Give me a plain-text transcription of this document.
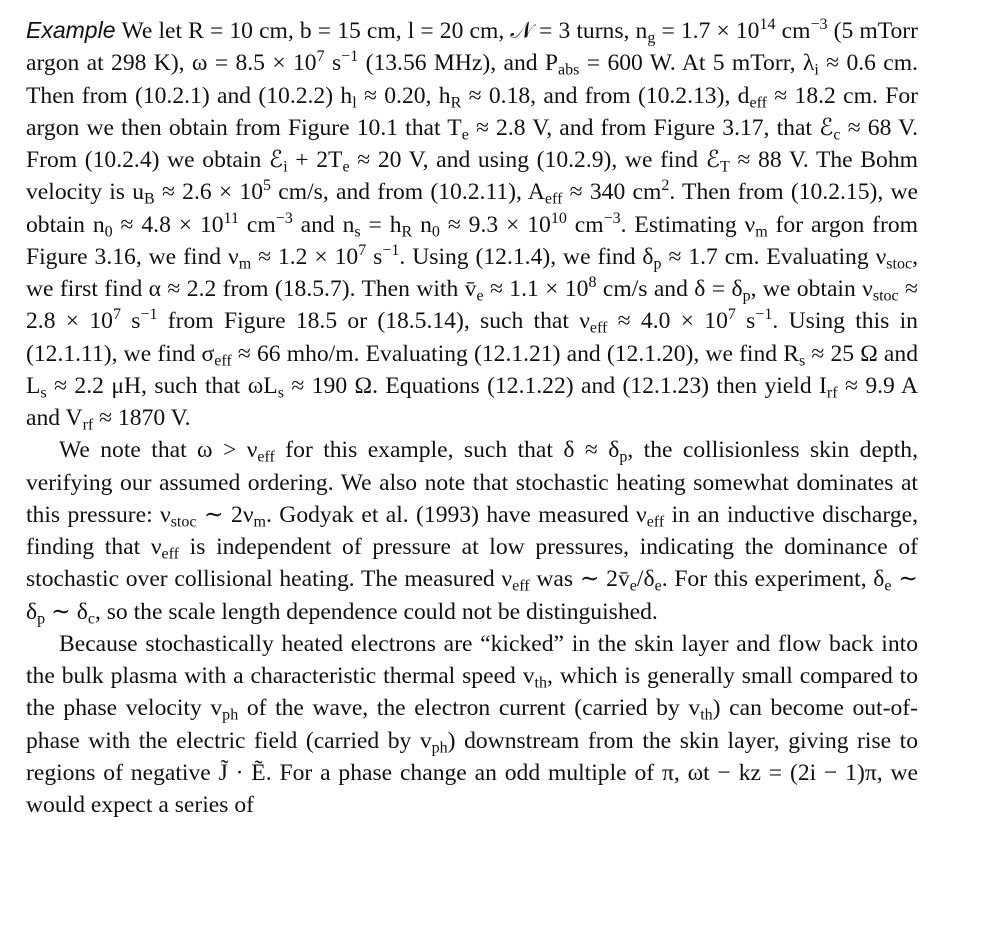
Example We let R = 10 cm, b = 15 cm, l = 20 cm, 𝒩 = 3 turns, $n_g = 1.7 \times 10^{14}$ $cm^{-3}$ (5 mTorr argon at 298 K), $\omega = 8.5 \times 10^7$ $s^{-1}$ (13.56 MHz), and $P_{abs} = 600$ W. At 5 mTorr, $\lambda_i \approx 0.6$ cm. Then from (10.2.1) and (10.2.2) $h_l \approx 0.20$, $h_R \approx 0.18$, and from (10.2.13), $d_{eff} \approx 18.2$ cm. For argon we then obtain from Figure 10.1 that $T_e \approx 2.8$ V, and from Figure 3.17, that ℰ$_c$ ≈ 68 V. From (10.2.4) we obtain ℰ$_i$ + $2T_e \approx 20$ V, and using (10.2.9), we find ℰ$_T$ ≈ 88 V. The Bohm velocity is $u_B \approx 2.6 \times 10^5$ cm/s, and from (10.2.11), $A_{eff} \approx 340$ $cm^2$. Then from (10.2.15), we obtain $n_0 \approx 4.8 \times 10^{11}$ $cm^{-3}$ and $n_s = h_R$ $n_0 \approx 9.3 \times 10^{10}$ $cm^{-3}$. Estimating $\nu_m$ for argon from Figure 3.16, we find $\nu_m \approx 1.2 \times 10^7$ $s^{-1}$. Using (12.1.4), we find $\delta_p \approx 1.7$ cm. Evaluating $\nu_{stoc}$, we first find α ≈ 2.2 from (18.5.7). Then with $v̄_e \approx 1.1 \times 10^8$ cm/s and $\delta = \delta_p$, we obtain $\nu_{stoc} \approx 2.8 \times 10^7$ $s^{-1}$ from Figure 18.5 or (18.5.14), such that $\nu_{eff} \approx 4.0 \times 10^7$ $s^{-1}$. Using this in (12.1.11), we find $\sigma_{eff} \approx 66$ mho/m. Evaluating (12.1.21) and (12.1.20), we find $R_s \approx 25$ Ω and $L_s \approx 2.2$ μH, such that $\omega L_s \approx 190$ Ω. Equations (12.1.22) and (12.1.23) then yield $I_{rf} \approx 9.9$ A and $V_{rf} \approx 1870$ V.

We note that $\omega > \nu_{eff}$ for this example, such that $\delta \approx \delta_p$, the collisionless skin depth, verifying our assumed ordering. We also note that stochastic heating somewhat dominates at this pressure: $\nu_{stoc}$ ∼ $2\nu_m$. Godyak et al. (1993) have measured $\nu_{eff}$ in an inductive discharge, finding that $\nu_{eff}$ is independent of pressure at low pressures, indicating the dominance of stochastic over collisional heating. The measured $\nu_{eff}$ was ∼ $2v̄_e/\delta_e$. For this experiment, $\delta_e$ ∼ $\delta_p$ ∼ $\delta_c$, so the scale length dependence could not be distinguished.

Because stochastically heated electrons are “kicked” in the skin layer and flow back into the bulk plasma with a characteristic thermal speed $v_{th}$, which is generally small compared to the phase velocity $v_{ph}$ of the wave, the electron current (carried by $v_{th}$) can become out-of-phase with the electric field (carried by $v_{ph}$) downstream from the skin layer, giving rise to regions of negative J̃ · Ẽ. For a phase change an odd multiple of π, ωt − kz = (2i − 1)π, we would expect a series of
